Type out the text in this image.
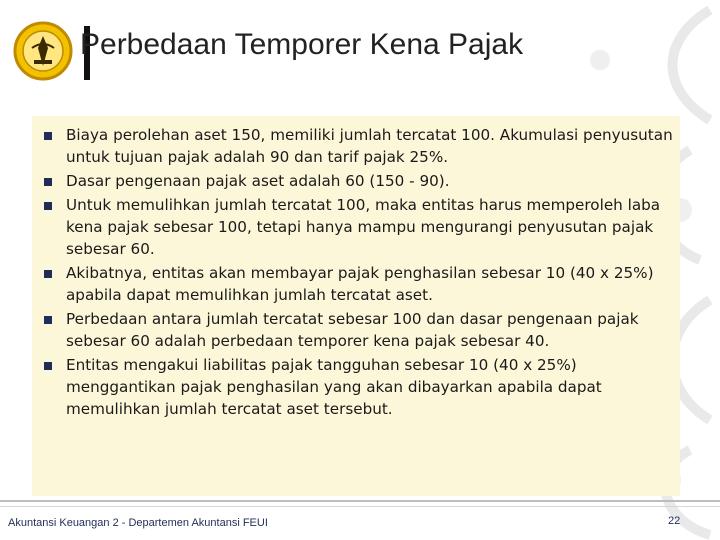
Perbedaan Temporer Kena Pajak
Biaya perolehan aset 150, memiliki jumlah tercatat 100. Akumulasi penyusutan untuk tujuan pajak adalah 90 dan tarif pajak 25%.
Dasar pengenaan pajak aset adalah 60 (150 - 90).
Untuk memulihkan jumlah tercatat 100, maka entitas harus memperoleh laba kena pajak sebesar 100, tetapi hanya mampu mengurangi penyusutan pajak sebesar 60.
Akibatnya, entitas akan membayar pajak penghasilan sebesar 10 (40 x 25%) apabila dapat memulihkan jumlah tercatat aset.
Perbedaan antara jumlah tercatat sebesar 100 dan dasar pengenaan pajak sebesar 60 adalah perbedaan temporer kena pajak sebesar 40.
Entitas mengakui liabilitas pajak tangguhan sebesar 10 (40 x 25%) menggantikan pajak penghasilan yang akan dibayarkan apabila dapat memulihkan jumlah tercatat aset tersebut.
Akuntansi Keuangan 2 - Departemen Akuntansi FEUI	22
